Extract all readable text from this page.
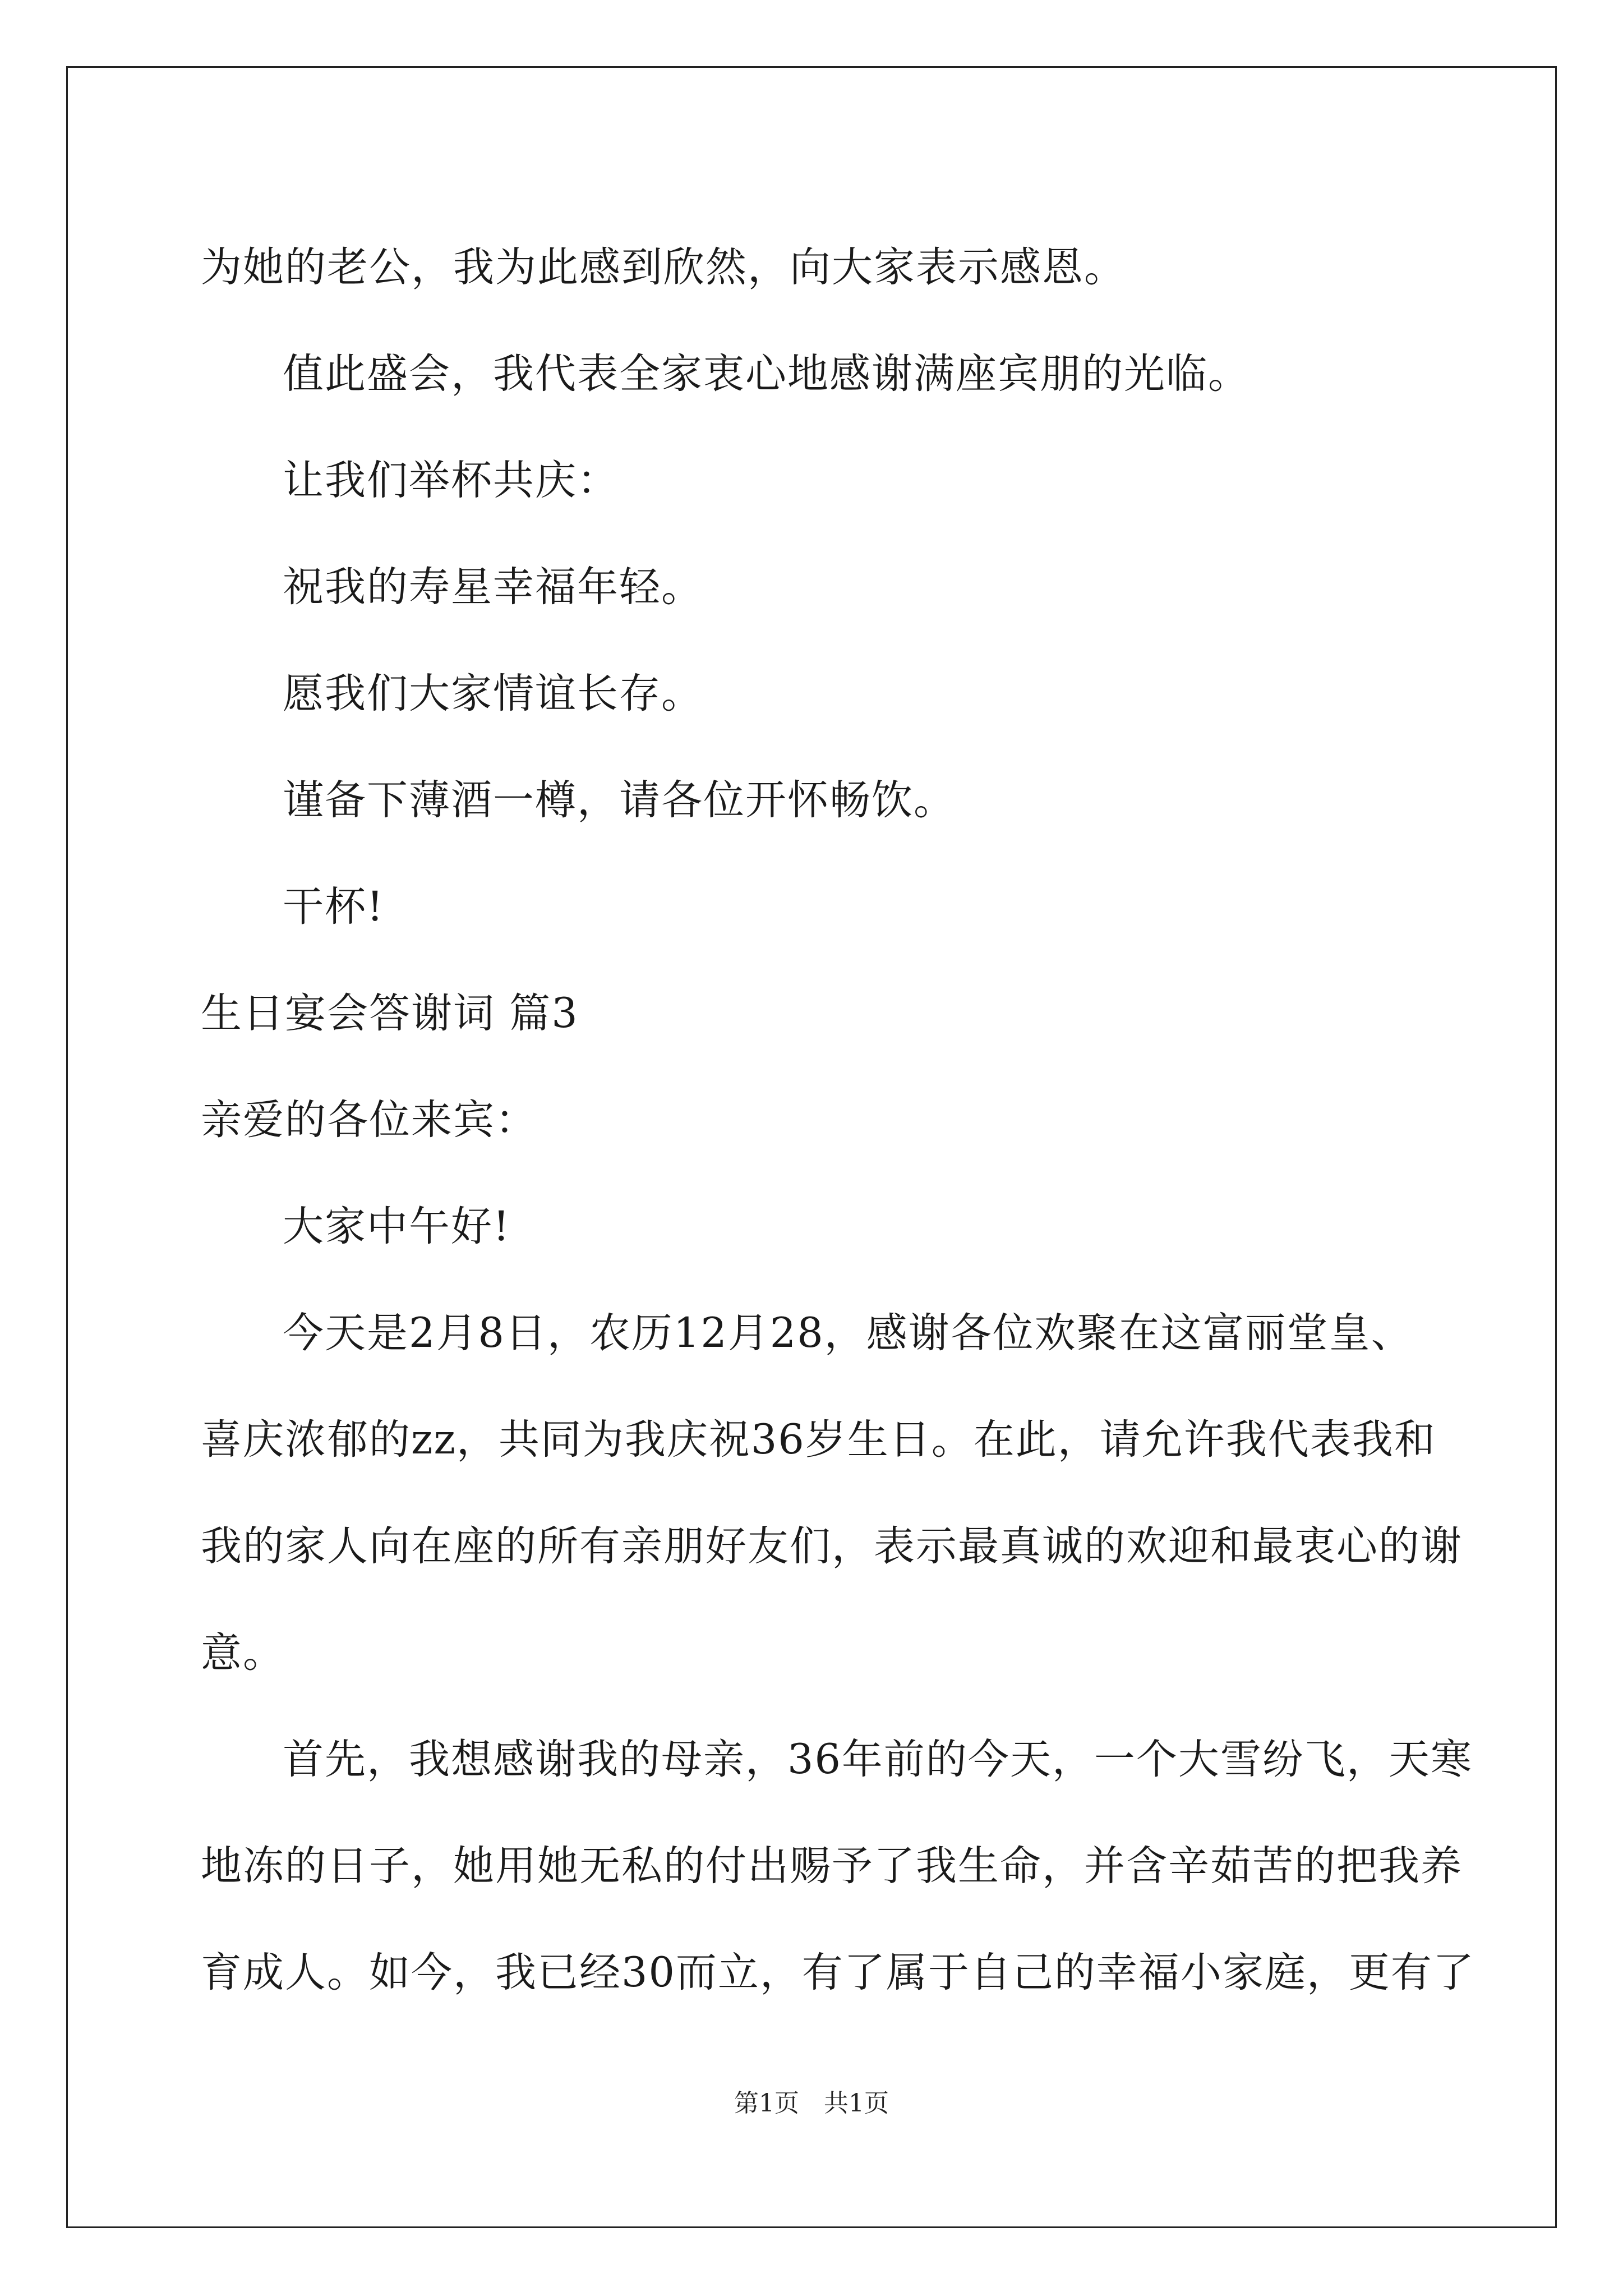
为她的老公，我为此感到欣然，向大家表示感恩。

值此盛会，我代表全家衷心地感谢满座宾朋的光临。

让我们举杯共庆：

祝我的寿星幸福年轻。

愿我们大家情谊长存。

谨备下薄酒一樽，请各位开怀畅饮。

干杯!

生日宴会答谢词 篇3

亲爱的各位来宾：

大家中午好!

今天是2月8日，农历12月28，感谢各位欢聚在这富丽堂皇、
喜庆浓郁的zz，共同为我庆祝36岁生日。在此，请允许我代表我和
我的家人向在座的所有亲朋好友们，表示最真诚的欢迎和最衷心的谢
意。

首先，我想感谢我的母亲，36年前的今天，一个大雪纷飞，天寒
地冻的日子，她用她无私的付出赐予了我生命，并含辛茹苦的把我养
育成人。如今，我已经30而立，有了属于自己的幸福小家庭，更有了

第1页　共1页
